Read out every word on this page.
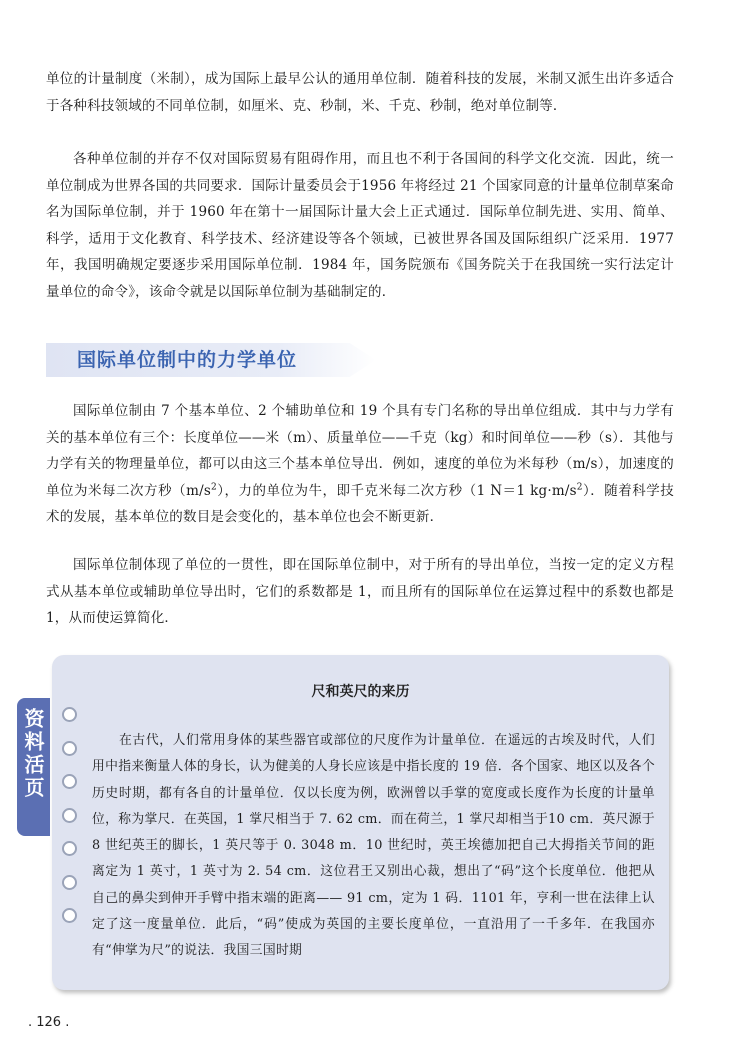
单位的计量制度（米制），成为国际上最早公认的通用单位制．随着科技的发展，米制又派生出许多适合于各种科技领域的不同单位制，如厘米、克、秒制，米、千克、秒制，绝对单位制等．
各种单位制的并存不仅对国际贸易有阻碍作用，而且也不利于各国间的科学文化交流．因此，统一单位制成为世界各国的共同要求．国际计量委员会于1956 年将经过 21 个国家同意的计量单位制草案命名为国际单位制，并于 1960 年在第十一届国际计量大会上正式通过．国际单位制先进、实用、简单、科学，适用于文化教育、科学技术、经济建设等各个领域，已被世界各国及国际组织广泛采用．1977 年，我国明确规定要逐步采用国际单位制．1984 年，国务院颁布《国务院关于在我国统一实行法定计量单位的命令》，该命令就是以国际单位制为基础制定的．
国际单位制中的力学单位
国际单位制由 7 个基本单位、2 个辅助单位和 19 个具有专门名称的导出单位组成．其中与力学有关的基本单位有三个：长度单位——米（m）、质量单位——千克（kg）和时间单位——秒（s）．其他与力学有关的物理量单位，都可以由这三个基本单位导出．例如，速度的单位为米每秒（m/s），加速度的单位为米每二次方秒$(m/s^2)$，力的单位为牛，即千克米每二次方秒（1 N＝1 $kg\cdot m/s^2$）．随着科学技术的发展，基本单位的数目是会变化的，基本单位也会不断更新．
国际单位制体现了单位的一贯性，即在国际单位制中，对于所有的导出单位，当按一定的定义方程式从基本单位或辅助单位导出时，它们的系数都是 1，而且所有的国际单位在运算过程中的系数也都是 1，从而使运算简化．
资料活页
尺和英尺的来历
在古代，人们常用身体的某些器官或部位的尺度作为计量单位．在遥远的古埃及时代，人们用中指来衡量人体的身长，认为健美的人身长应该是中指长度的 19 倍．各个国家、地区以及各个历史时期，都有各自的计量单位．仅以长度为例，欧洲曾以手掌的宽度或长度作为长度的计量单位，称为掌尺．在英国，1 掌尺相当于 7. 62 cm．而在荷兰，1 掌尺却相当于10 cm．英尺源于 8 世纪英王的脚长，1 英尺等于 0. 3048 m．10 世纪时，英王埃德加把自己大拇指关节间的距离定为 1 英寸，1 英寸为 2. 54 cm．这位君王又别出心裁，想出了“码”这个长度单位．他把从自己的鼻尖到伸开手臂中指末端的距离—— 91 cm，定为 1 码．1101 年，亨利一世在法律上认定了这一度量单位．此后，“码”使成为英国的主要长度单位，一直沿用了一千多年．在我国亦有“伸掌为尺”的说法．我国三国时期
. 126 .
